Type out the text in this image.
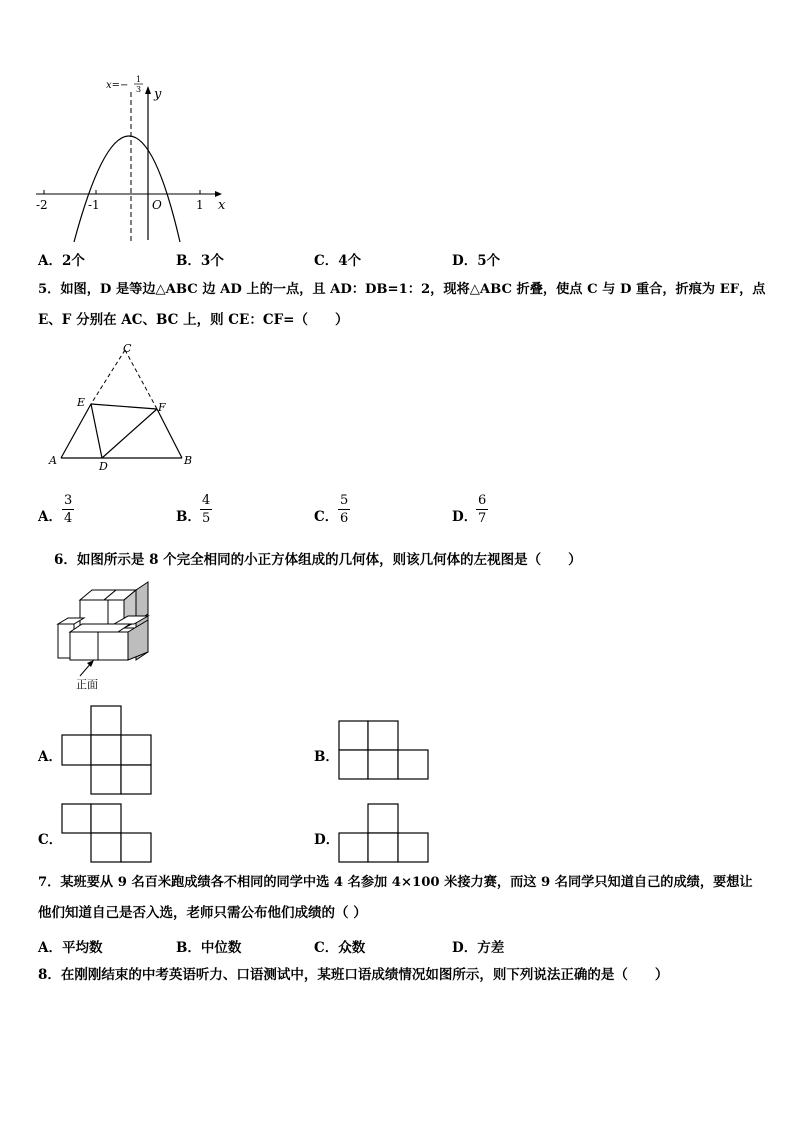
-2	-1	1
O	x
y
x=−
1
3
A．2个	B．3个	C．4个	D．5个
5．如图，D 是等边△ABC 边 AD 上的一点，且 AD：DB=1：2，现将△ABC 折叠，使点 C 与 D 重合，折痕为 EF，点
E、F 分别在 AC、BC 上，则 CE：CF=（　　）
C
E	F
A	D	B
A． $\frac{3}{4}$	B． $\frac{4}{5}$	C． $\frac{5}{6}$	D．
$\frac{6}{7}$
6．如图所示是 8 个完全相同的小正方体组成的几何体，则该几何体的左视图是（　　）
正面
A．	B．
C．	D．
7．某班要从 9 名百米跑成绩各不相同的同学中选 4 名参加 4×100 米接力赛，而这 9 名同学只知道自己的成绩，要想让
他们知道自己是否入选，老师只需公布他们成绩的（ ）
A．平均数	B．中位数	C．众数	D．方差
8．在刚刚结束的中考英语听力、口语测试中，某班口语成绩情况如图所示，则下列说法正确的是（　　）
